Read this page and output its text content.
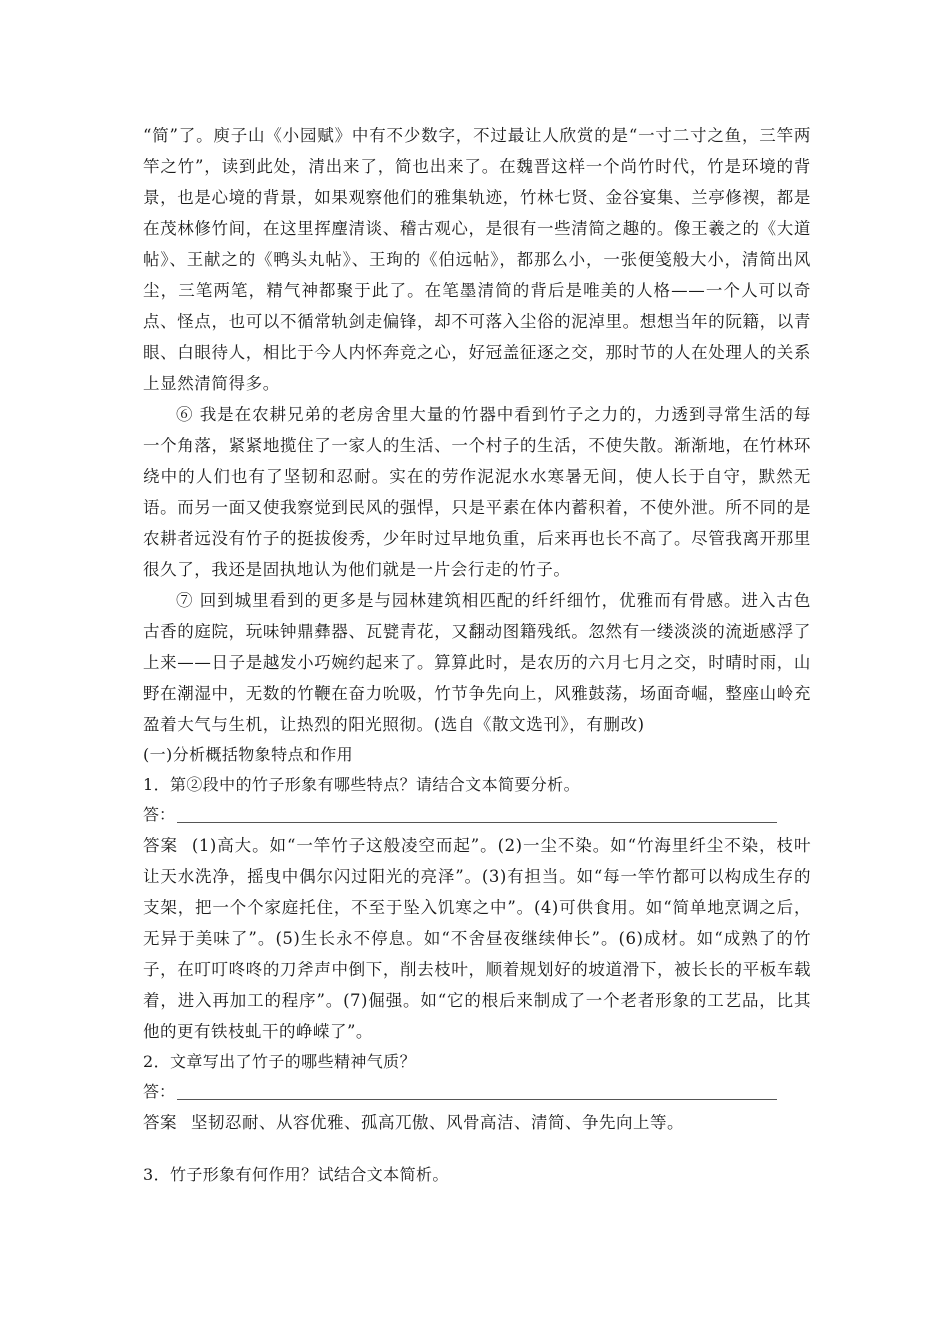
“简”了。庾子山《小园赋》中有不少数字，不过最让人欣赏的是“一寸二寸之鱼，三竿两竿之竹”，读到此处，清出来了，简也出来了。在魏晋这样一个尚竹时代，竹是环境的背景，也是心境的背景，如果观察他们的雅集轨迹，竹林七贤、金谷宴集、兰亭修禊，都是在茂林修竹间，在这里挥麈清谈、稽古观心，是很有一些清简之趣的。像王羲之的《大道帖》、王献之的《鸭头丸帖》、王珣的《伯远帖》，都那么小，一张便笺般大小，清简出风尘，三笔两笔，精气神都聚于此了。在笔墨清简的背后是唯美的人格——一个人可以奇点、怪点，也可以不循常轨剑走偏锋，却不可落入尘俗的泥淖里。想想当年的阮籍，以青眼、白眼待人，相比于今人内怀奔竞之心，好冠盖征逐之交，那时节的人在处理人的关系上显然清简得多。

⑥ 我是在农耕兄弟的老房舍里大量的竹器中看到竹子之力的，力透到寻常生活的每一个角落，紧紧地揽住了一家人的生活、一个村子的生活，不使失散。渐渐地，在竹林环绕中的人们也有了坚韧和忍耐。实在的劳作泥泥水水寒暑无间，使人长于自守，默然无语。而另一面又使我察觉到民风的强悍，只是平素在体内蓄积着，不使外泄。所不同的是农耕者远没有竹子的挺拔俊秀，少年时过早地负重，后来再也长不高了。尽管我离开那里很久了，我还是固执地认为他们就是一片会行走的竹子。

⑦ 回到城里看到的更多是与园林建筑相匹配的纤纤细竹，优雅而有骨感。进入古色古香的庭院，玩味钟鼎彝器、瓦甓青花，又翻动图籍残纸。忽然有一缕淡淡的流逝感浮了上来——日子是越发小巧婉约起来了。算算此时，是农历的六月七月之交，时晴时雨，山野在潮湿中，无数的竹鞭在奋力吮吸，竹节争先向上，风雅鼓荡，场面奇崛，整座山岭充盈着大气与生机，让热烈的阳光照彻。(选自《散文选刊》，有删改)

(一)分析概括物象特点和作用

1．第②段中的竹子形象有哪些特点？请结合文本简要分析。

答：

答案 (1)高大。如“一竿竹子这般凌空而起”。(2)一尘不染。如“竹海里纤尘不染，枝叶让天水洗净，摇曳中偶尔闪过阳光的亮泽”。(3)有担当。如“每一竿竹都可以构成生存的支架，把一个个家庭托住，不至于坠入饥寒之中”。(4)可供食用。如“简单地烹调之后，无异于美味了”。(5)生长永不停息。如“不舍昼夜继续伸长”。(6)成材。如“成熟了的竹子，在叮叮咚咚的刀斧声中倒下，削去枝叶，顺着规划好的坡道滑下，被长长的平板车载着，进入再加工的程序”。(7)倔强。如“它的根后来制成了一个老者形象的工艺品，比其他的更有铁枝虬干的峥嵘了”。

2．文章写出了竹子的哪些精神气质？

答：

答案 坚韧忍耐、从容优雅、孤高兀傲、风骨高洁、清简、争先向上等。

3．竹子形象有何作用？试结合文本简析。
